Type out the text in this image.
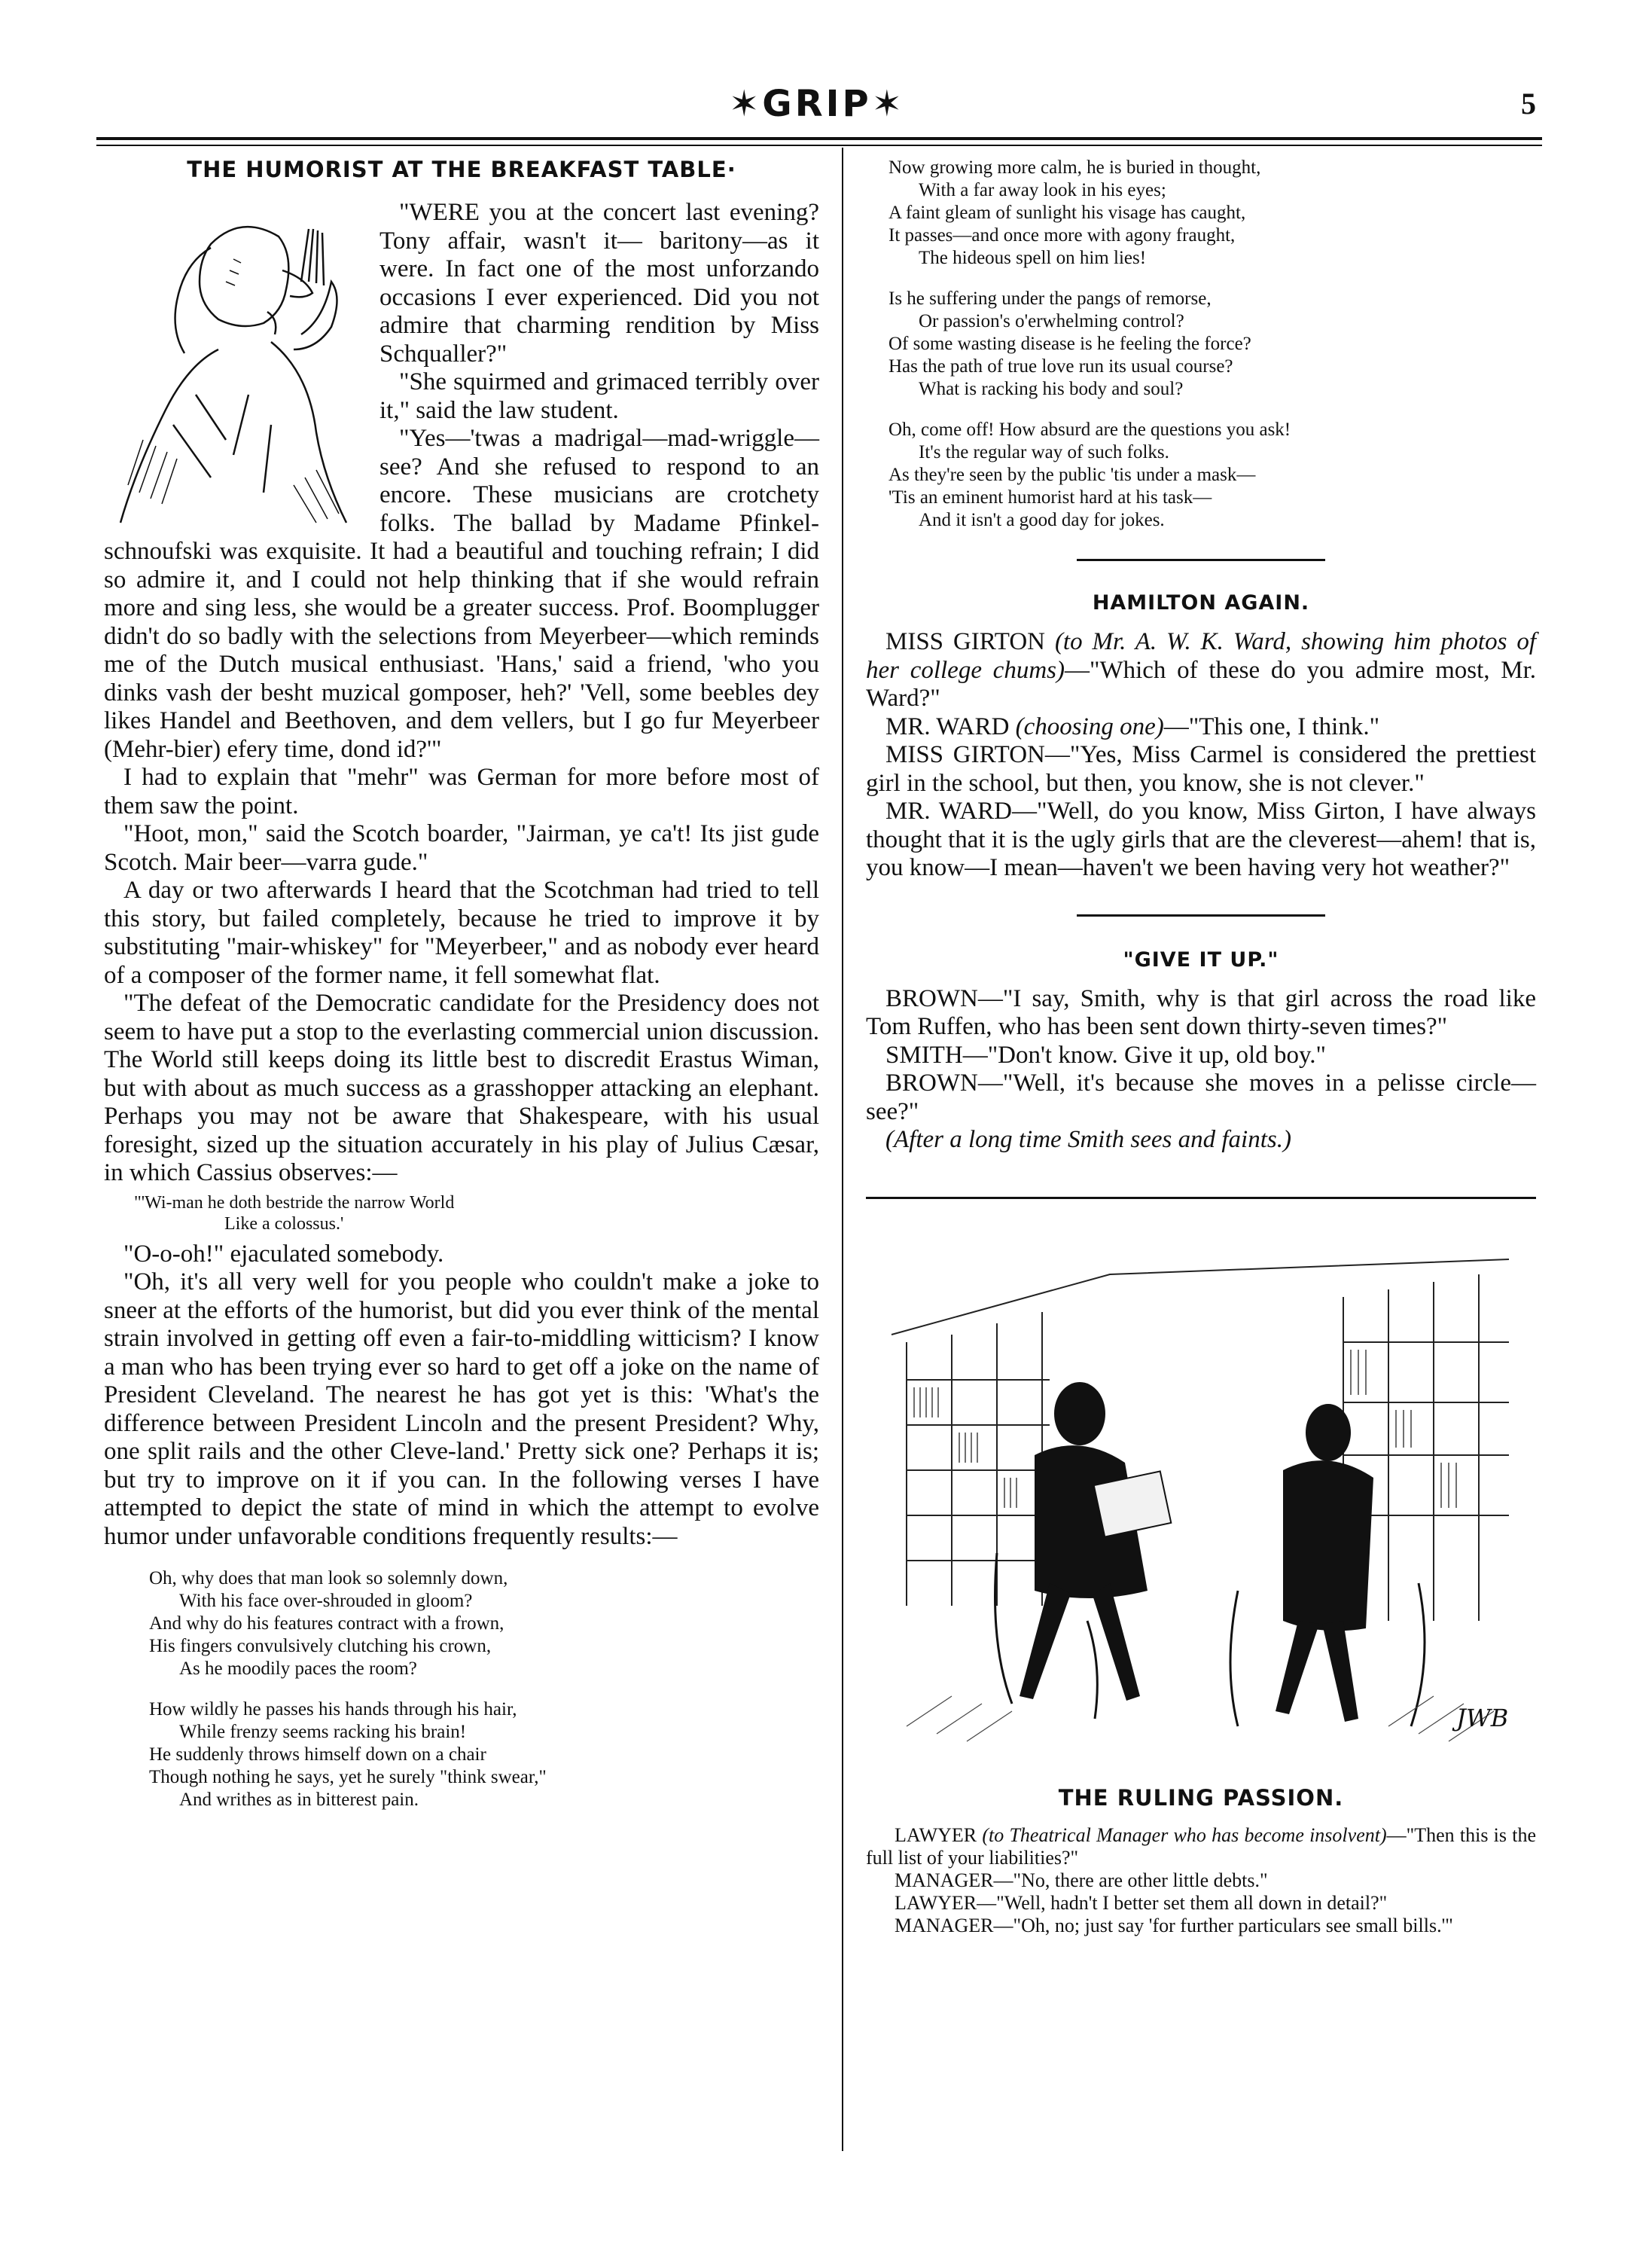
✶GRIP✶	5
THE HUMORIST AT THE BREAKFAST TABLE·

"WERE you at the concert last evening? Tony affair, wasn't it— baritony—as it were. In fact one of the most unforzando occasions I ever experienced. Did you not admire that charming rendition by Miss Schqualler?"

"She squirmed and grimaced terribly over it," said the law student.

"Yes—'twas a madrigal—mad-wriggle—see? And she refused to respond to an encore. These musicians are crotchety folks. The ballad by Madame Pfinkel-schnoufski was exquisite. It had a beautiful and touching refrain; I did so admire it, and I could not help thinking that if she would refrain more and sing less, she would be a greater success. Prof. Boomplugger didn't do so badly with the selections from Meyerbeer—which reminds me of the Dutch musical enthusiast. 'Hans,' said a friend, 'who you dinks vash der besht muzical gomposer, heh?' 'Vell, some beebles dey likes Handel and Beethoven, and dem vellers, but I go fur Meyerbeer (Mehr-bier) efery time, dond id?'"

I had to explain that "mehr" was German for more before most of them saw the point.

"Hoot, mon," said the Scotch boarder, "Jairman, ye ca't! Its jist gude Scotch. Mair beer—varra gude."

A day or two afterwards I heard that the Scotchman had tried to tell this story, but failed completely, because he tried to improve it by substituting "mair-whiskey" for "Meyerbeer," and as nobody ever heard of a composer of the former name, it fell somewhat flat.

"The defeat of the Democratic candidate for the Presidency does not seem to have put a stop to the everlasting commercial union discussion. The World still keeps doing its little best to discredit Erastus Wiman, but with about as much success as a grasshopper attacking an elephant. Perhaps you may not be aware that Shakespeare, with his usual foresight, sized up the situation accurately in his play of Julius Cæsar, in which Cassius observes:—

"'Wi-man he doth bestride the narrow World
Like a colossus.'

"O-o-oh!" ejaculated somebody.

"Oh, it's all very well for you people who couldn't make a joke to sneer at the efforts of the humorist, but did you ever think of the mental strain involved in getting off even a fair-to-middling witticism? I know a man who has been trying ever so hard to get off a joke on the name of President Cleveland. The nearest he has got yet is this: 'What's the difference between President Lincoln and the present President? Why, one split rails and the other Cleve-land.' Pretty sick one? Perhaps it is; but try to improve on it if you can. In the following verses I have attempted to depict the state of mind in which the attempt to evolve humor under unfavorable conditions frequently results:—

Oh, why does that man look so solemnly down,
With his face over-shrouded in gloom?
And why do his features contract with a frown,
His fingers convulsively clutching his crown,
As he moodily paces the room?
How wildly he passes his hands through his hair,
While frenzy seems racking his brain!
He suddenly throws himself down on a chair
Though nothing he says, yet he surely "think swear,"
And writhes as in bitterest pain.
Now growing more calm, he is buried in thought,
With a far away look in his eyes;
A faint gleam of sunlight his visage has caught,
It passes—and once more with agony fraught,
The hideous spell on him lies!
Is he suffering under the pangs of remorse,
Or passion's o'erwhelming control?
Of some wasting disease is he feeling the force?
Has the path of true love run its usual course?
What is racking his body and soul?
Oh, come off! How absurd are the questions you ask!
It's the regular way of such folks.
As they're seen by the public 'tis under a mask—
'Tis an eminent humorist hard at his task—
And it isn't a good day for jokes.
HAMILTON AGAIN.

MISS GIRTON (to Mr. A. W. K. Ward, showing him photos of her college chums)—"Which of these do you admire most, Mr. Ward?"

MR. WARD (choosing one)—"This one, I think."

MISS GIRTON—"Yes, Miss Carmel is considered the prettiest girl in the school, but then, you know, she is not clever."

MR. WARD—"Well, do you know, Miss Girton, I have always thought that it is the ugly girls that are the cleverest—ahem! that is, you know—I mean—haven't we been having very hot weather?"

"GIVE IT UP."

BROWN—"I say, Smith, why is that girl across the road like Tom Ruffen, who has been sent down thirty-seven times?"

SMITH—"Don't know. Give it up, old boy."

BROWN—"Well, it's because she moves in a pelisse circle—see?"

(After a long time Smith sees and faints.)

JWB
THE RULING PASSION.

LAWYER (to Theatrical Manager who has become insolvent)—"Then this is the full list of your liabilities?"

MANAGER—"No, there are other little debts."

LAWYER—"Well, hadn't I better set them all down in detail?"

MANAGER—"Oh, no; just say 'for further particulars see small bills.'"
